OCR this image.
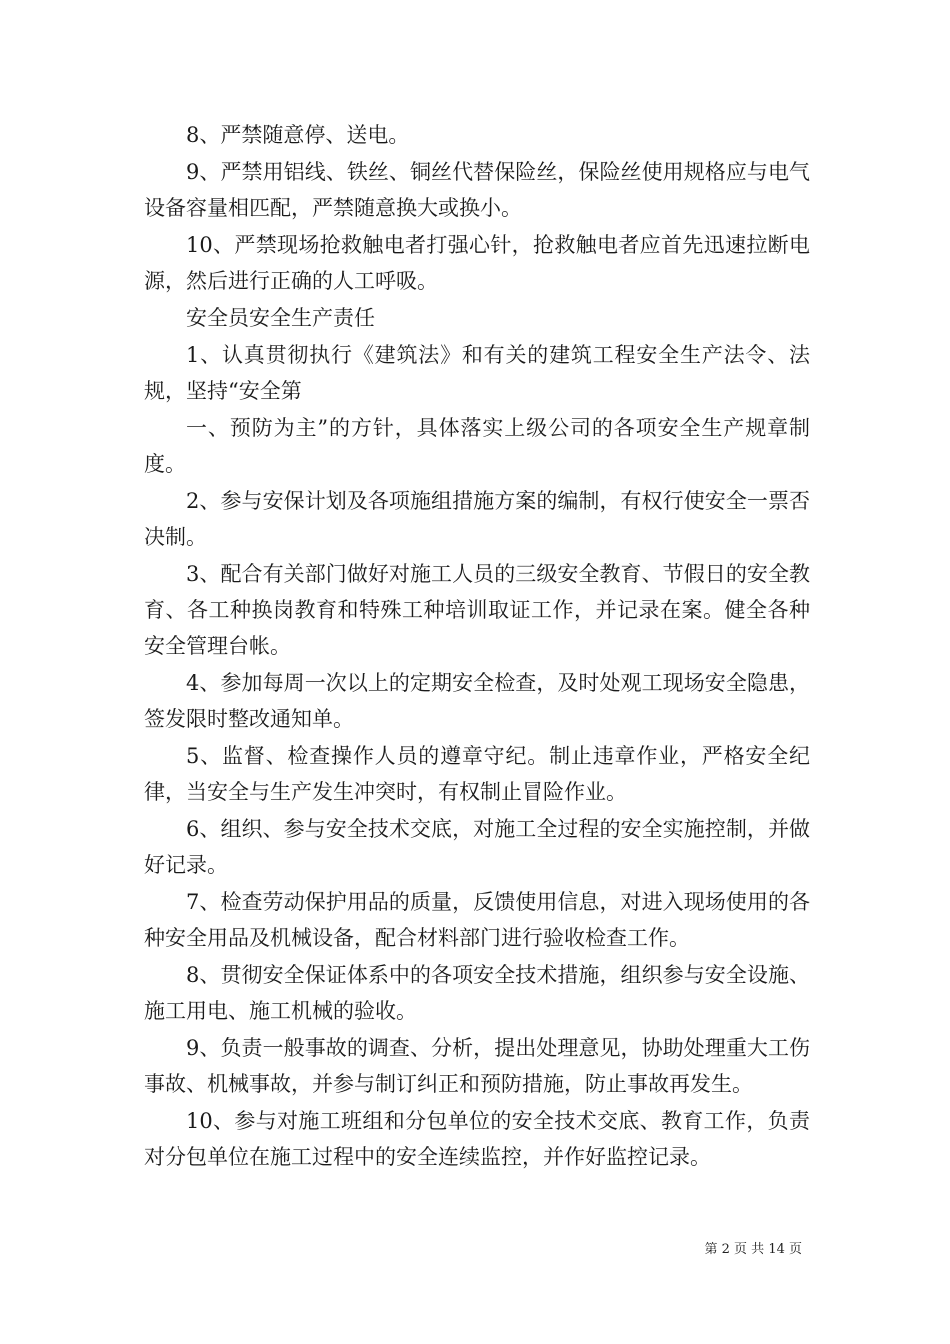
8、严禁随意停、送电。

9、严禁用铝线、铁丝、铜丝代替保险丝，保险丝使用规格应与电气设备容量相匹配，严禁随意换大或换小。

10、严禁现场抢救触电者打强心针，抢救触电者应首先迅速拉断电源，然后进行正确的人工呼吸。

安全员安全生产责任

1、认真贯彻执行《建筑法》和有关的建筑工程安全生产法令、法规，坚持“安全第

一、预防为主”的方针，具体落实上级公司的各项安全生产规章制度。

2、参与安保计划及各项施组措施方案的编制，有权行使安全一票否决制。

3、配合有关部门做好对施工人员的三级安全教育、节假日的安全教育、各工种换岗教育和特殊工种培训取证工作，并记录在案。健全各种安全管理台帐。

4、参加每周一次以上的定期安全检查，及时处观工现场安全隐患，签发限时整改通知单。

5、监督、检查操作人员的遵章守纪。制止违章作业，严格安全纪律，当安全与生产发生冲突时，有权制止冒险作业。

6、组织、参与安全技术交底，对施工全过程的安全实施控制，并做好记录。

7、检查劳动保护用品的质量，反馈使用信息，对进入现场使用的各种安全用品及机械设备，配合材料部门进行验收检查工作。

8、贯彻安全保证体系中的各项安全技术措施，组织参与安全设施、施工用电、施工机械的验收。

9、负责一般事故的调查、分析，提出处理意见，协助处理重大工伤事故、机械事故，并参与制订纠正和预防措施，防止事故再发生。

10、参与对施工班组和分包单位的安全技术交底、教育工作，负责对分包单位在施工过程中的安全连续监控，并作好监控记录。

第 2 页 共 14 页
